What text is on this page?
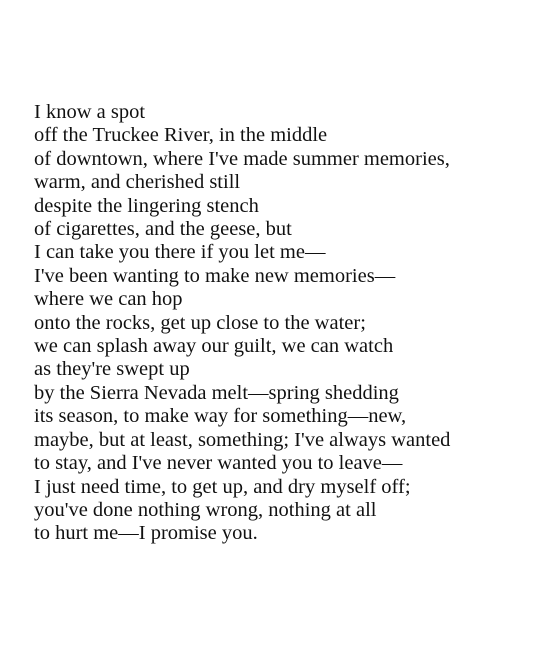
I know a spot
off the Truckee River, in the middle
of downtown, where I've made summer memories,
warm, and cherished still
despite the lingering stench
of cigarettes, and the geese, but
I can take you there if you let me—
I've been wanting to make new memories—
where we can hop
onto the rocks, get up close to the water;
we can splash away our guilt, we can watch
as they're swept up
by the Sierra Nevada melt—spring shedding
its season, to make way for something—new,
maybe, but at least, something; I've always wanted
to stay, and I've never wanted you to leave—
I just need time, to get up, and dry myself off;
you've done nothing wrong, nothing at all
to hurt me—I promise you.
